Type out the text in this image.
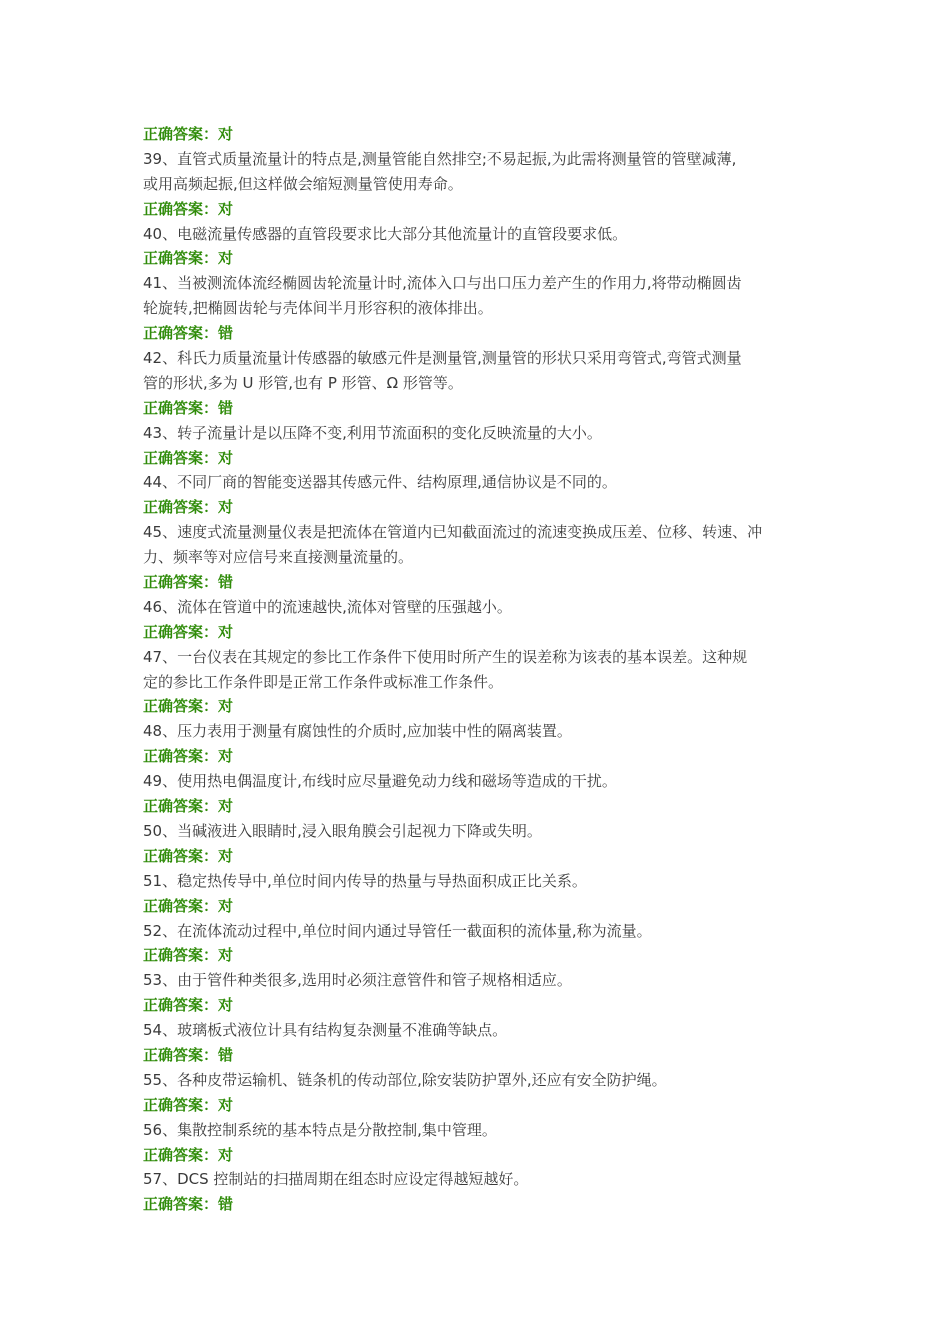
正确答案：对
39、直管式质量流量计的特点是,测量管能自然排空;不易起振,为此需将测量管的管壁减薄,
或用高频起振,但这样做会缩短测量管使用寿命。
正确答案：对
40、电磁流量传感器的直管段要求比大部分其他流量计的直管段要求低。
正确答案：对
41、当被测流体流经椭圆齿轮流量计时,流体入口与出口压力差产生的作用力,将带动椭圆齿
轮旋转,把椭圆齿轮与壳体间半月形容积的液体排出。
正确答案：错
42、科氏力质量流量计传感器的敏感元件是测量管,测量管的形状只采用弯管式,弯管式测量
管的形状,多为 U 形管,也有 P 形管、Ω 形管等。
正确答案：错
43、转子流量计是以压降不变,利用节流面积的变化反映流量的大小。
正确答案：对
44、不同厂商的智能变送器其传感元件、结构原理,通信协议是不同的。
正确答案：对
45、速度式流量测量仪表是把流体在管道内已知截面流过的流速变换成压差、位移、转速、冲
力、频率等对应信号来直接测量流量的。
正确答案：错
46、流体在管道中的流速越快,流体对管壁的压强越小。
正确答案：对
47、一台仪表在其规定的参比工作条件下使用时所产生的误差称为该表的基本误差。这种规
定的参比工作条件即是正常工作条件或标准工作条件。
正确答案：对
48、压力表用于测量有腐蚀性的介质时,应加装中性的隔离装置。
正确答案：对
49、使用热电偶温度计,布线时应尽量避免动力线和磁场等造成的干扰。
正确答案：对
50、当碱液进入眼睛时,浸入眼角膜会引起视力下降或失明。
正确答案：对
51、稳定热传导中,单位时间内传导的热量与导热面积成正比关系。
正确答案：对
52、在流体流动过程中,单位时间内通过导管任一截面积的流体量,称为流量。
正确答案：对
53、由于管件种类很多,选用时必须注意管件和管子规格相适应。
正确答案：对
54、玻璃板式液位计具有结构复杂测量不准确等缺点。
正确答案：错
55、各种皮带运输机、链条机的传动部位,除安装防护罩外,还应有安全防护绳。
正确答案：对
56、集散控制系统的基本特点是分散控制,集中管理。
正确答案：对
57、DCS 控制站的扫描周期在组态时应设定得越短越好。
正确答案：错
